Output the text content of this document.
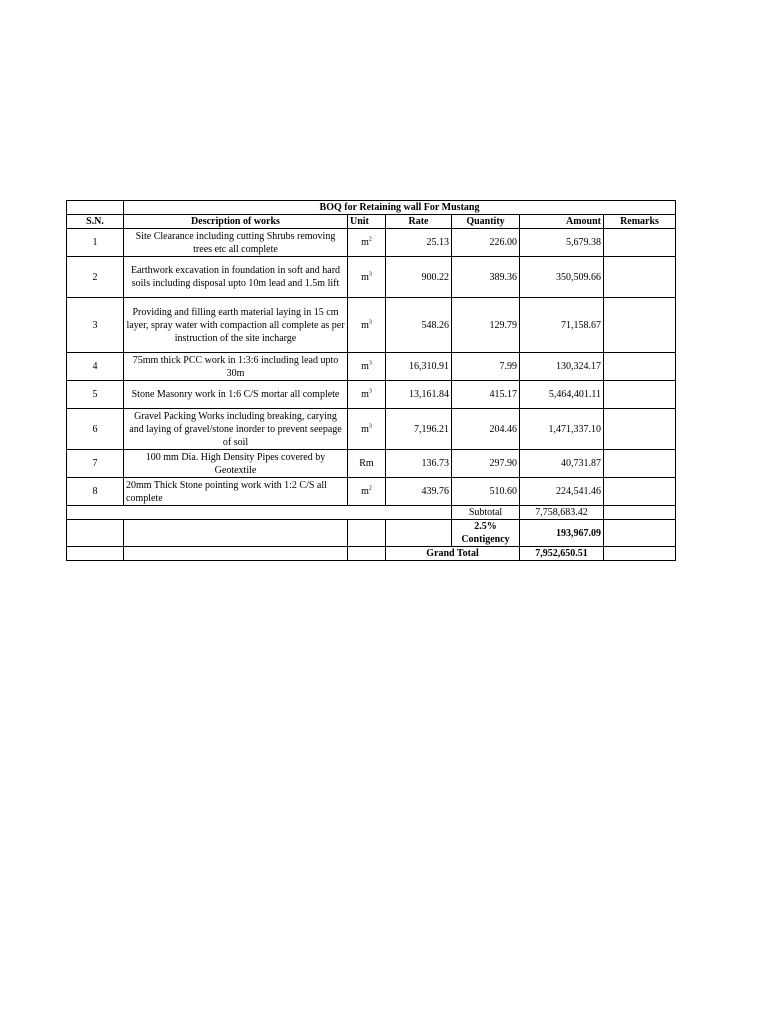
	BOQ for Retaining wall For Mustang					
S.N.	Description of works	Unit	Rate	Quantity	Amount	Remarks
1	Site Clearance including cutting Shrubs removing trees etc all complete	$m^2$	25.13	226.00	5,679.38	
2	Earthwork excavation in foundation in soft and hard soils including disposal upto 10m lead and 1.5m lift	$m^3$	900.22	389.36	350,509.66	
3	Providing and filling earth material laying in 15 cm layer, spray water with compaction all complete as per instruction of the site incharge	$m^3$	548.26	129.79	71,158.67	
4	75mm thick PCC work in 1:3:6 including lead upto 30m	$m^3$	16,310.91	7.99	130,324.17	
5	Stone Masonry work in 1:6 C/S mortar all complete	$m^3$	13,161.84	415.17	5,464,401.11	
6	Gravel Packing Works including breaking, carying and laying of gravel/stone inorder to prevent seepage of soil	$m^3$	7,196.21	204.46	1,471,337.10	
7	100 mm Dia. High Density Pipes covered by Geotextile	Rm	136.73	297.90	40,731.87	
8	20mm Thick Stone pointing work with 1:2 C/S all complete	$m^2$	439.76	510.60	224,541.46	
				Subtotal	7,758,683.42	
				2.5% Contigency	193,967.09	
			Grand Total		7,952,650.51	
